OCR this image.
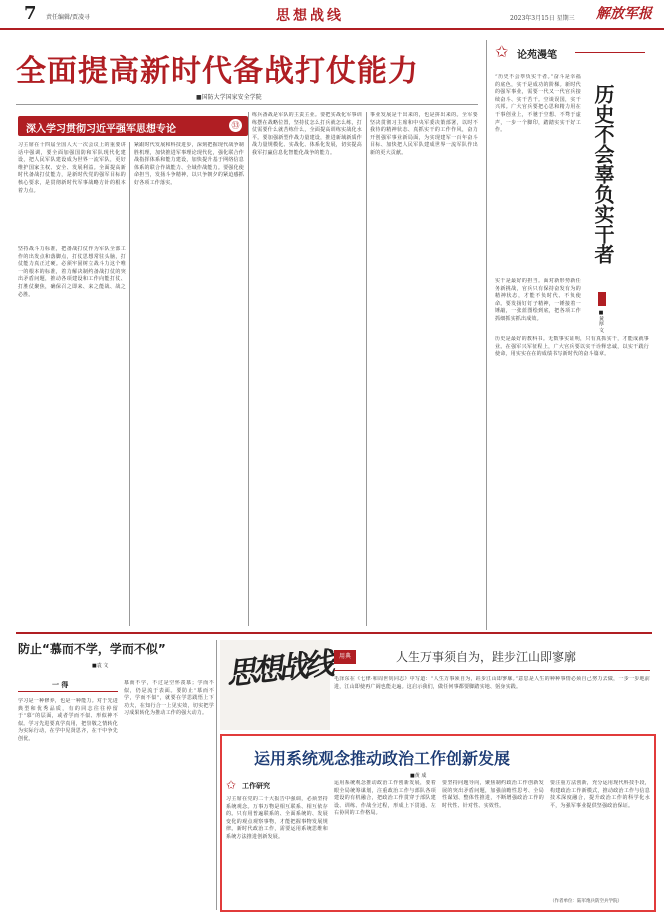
7 责任编辑/贾凌寻	思想战线	2023年3月15日 星期三 解放军报
全面提高新时代备战打仗能力
■国防大学国家安全学院
深入学习贯彻习近平强军思想专论	㉝
习主席在十四届全国人大一次会议上的重要讲话中强调，要全面加强国防和军队现代化建设，把人民军队建设成为世界一流军队，更好维护国家主权、安全、发展利益。全面提高新时代备战打仗能力，是新时代党的强军目标的核心要求，是贯彻新时代军事战略方针的根本着力点。
坚持战斗力标准，把备战打仗作为军队全部工作的出发点和落脚点，打仗思想常驻头脑，打仗能力真正过硬。必须牢固树立战斗力这个唯一的根本的标准，着力解决制约备战打仗的突出矛盾问题，推动各项建设和工作向能打仗、打胜仗聚焦，确保召之即来、来之能战、战之必胜。
紧跟时代发展和科技进步，深刻把握现代战争制胜机理，加快推进军事理论现代化，强化联合作战指挥体系和能力建设，加快提升基于网络信息体系的联合作战能力、全域作战能力。要强化使命担当，发扬斗争精神，以只争朝夕的紧迫感抓好各项工作落实。
练兵备战是军队的主责主业。要把实战化军事训练摆在战略位置，坚持仗怎么打兵就怎么练，打仗需要什么就苦练什么，全面提高训练实战化水平。要加强新型作战力量建设，推进新域新质作战力量规模化、实战化、体系化发展，切实提高我军打赢信息化智能化战争的能力。
事业发展是干出来的，也是拼出来的。全军要坚决贯彻习主席和中央军委决策部署，以时不我待的精神状态、真抓实干的工作作风，奋力开创强军事业新局面，为实现建军一百年奋斗目标、加快把人民军队建成世界一流军队作出新的更大贡献。
✩ 论苑漫笔
历史不会辜负实干者
■黄厚 文
“历史不会辜负实干者。”奋斗是幸福的底色，实干是成功的阶梯。新时代的强军事业，需要一代又一代官兵接续奋斗、实干苦干。空谈误国，实干兴邦。广大官兵要把心思和精力用在干事创业上，不驰于空想、不骛于虚声，一步一个脚印，踏踏实实干好工作。
实干是最好的担当。面对新形势新任务新挑战，官兵只有保持奋发有为的精神状态，才能不负时代、不负使命。要发扬钉钉子精神，一锤接着一锤敲，一张蓝图绘到底，把各项工作抓细抓实抓出成效。
历史是最好的教科书。无数事实证明，只有真抓实干，才能成就事业。在强军兴军征程上，广大官兵要以实干诠释忠诚，以实干践行使命，用实实在在的成绩书写新时代的奋斗篇章。
防止“慕而不学，学而不似”
■袁 文
一 得
学习是一种修养，也是一种能力。对于先进典型和优秀品质，有的同志往往停留于“慕”的层面，或者学而不似、形似神不似。学习先进要真学真用，把崇敬之情转化为实际行动，在学中见贤思齐，在干中争先创优。
慕而不学，不过是空怀羡慕；学而不似，仍是流于表面。要防止“慕而不学，学而不似”，就要在学思践悟上下功夫，在知行合一上见实效，切实把学习成果转化为推动工作的强大动力。
思想战线	用典	人生万事须自为，跬步江山即寥廓
毛泽东在《七律·和周世钊同志》中写道：“人生万事须自为，跬步江山即寥廓。”意思是人生的种种事情必须自己努力去做，一步一步地前进，江山即使再广阔也能走遍。这启示我们，做任何事都要脚踏实地、躬身实践。
运用系统观念推动政治工作创新发展
■黄 成
✩ 工作研究
习主席在党的二十大报告中强调，必须坚持系统观念。万事万物是相互联系、相互依存的。只有用普遍联系的、全面系统的、发展变化的观点观察事物，才能把握事物发展规律。新时代政治工作，需要运用系统思维和系统方法推进创新发展。
运用系统观念推动政治工作创新发展，要着眼全局统筹谋划，注重政治工作与部队各项建设的有机融合，把政治工作贯穿于部队建设、训练、作战全过程，形成上下贯通、左右协同的工作格局。
要坚持问题导向，聚焦制约政治工作创新发展的突出矛盾问题，加强前瞻性思考、全局性谋划、整体性推进，不断增强政治工作的时代性、针对性、实效性。
要注重方法创新，充分运用现代科技手段，构建政治工作新模式，推动政治工作与信息技术深度融合，提升政治工作的科学化水平，为强军事业提供坚强政治保证。
（作者单位：陆军炮兵防空兵学院）
